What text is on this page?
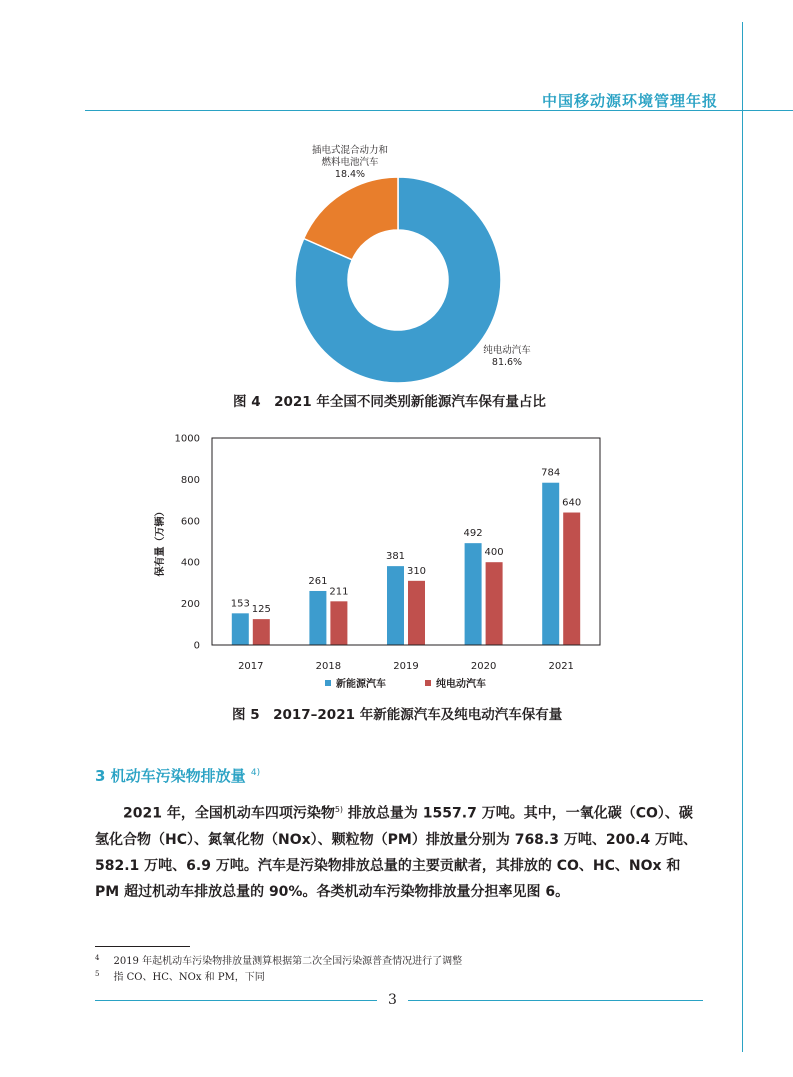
中国移动源环境管理年报
插电式混合动力和
燃料电池汽车
18.4%
纯电动汽车
81.6%
图 4　2021 年全国不同类别新能源汽车保有量占比
保有量（万辆）
0
200
400
600
800
1000
153
125
261
211
381
310
492
400
784
640
2017	2018	2019	2020	2021
新能源汽车	纯电动汽车
图 5　2017–2021 年新能源汽车及纯电动汽车保有量
3 机动车污染物排放量 $^{4)}$

2021 年，全国机动车四项污染物$^{5)}$ 排放总量为 1557.7 万吨。其中，一氧化碳（CO）、碳氢化合物（HC）、氮氧化物（NOx）、颗粒物（PM）排放量分别为 768.3 万吨、200.4 万吨、582.1 万吨、6.9 万吨。汽车是污染物排放总量的主要贡献者，其排放的 CO、HC、NOx 和 PM 超过机动车排放总量的 90%。各类机动车污染物排放量分担率见图 6。

$^4$ 2019 年起机动车污染物排放量测算根据第二次全国污染源普查情况进行了调整
$^5$ 指 CO、HC、NOx 和 PM，下同
3
